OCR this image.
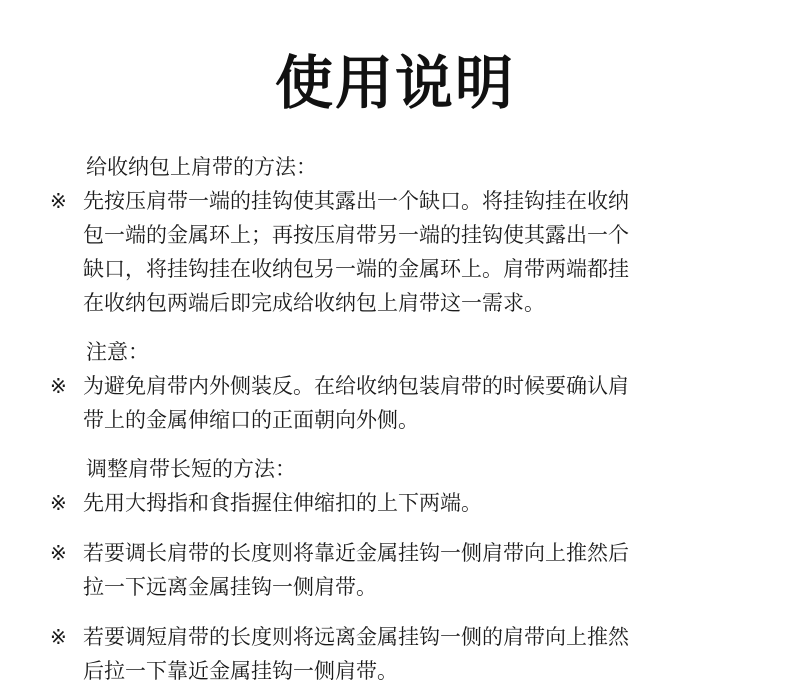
使用说明
给收纳包上肩带的方法：
※ 先按压肩带一端的挂钩使其露出一个缺口。将挂钩挂在收纳
包一端的金属环上；再按压肩带另一端的挂钩使其露出一个
缺口，将挂钩挂在收纳包另一端的金属环上。肩带两端都挂
在收纳包两端后即完成给收纳包上肩带这一需求。
注意：
※ 为避免肩带内外侧装反。在给收纳包装肩带的时候要确认肩
带上的金属伸缩口的正面朝向外侧。
调整肩带长短的方法：
※ 先用大拇指和食指握住伸缩扣的上下两端。
※ 若要调长肩带的长度则将靠近金属挂钩一侧肩带向上推然后
拉一下远离金属挂钩一侧肩带。
※ 若要调短肩带的长度则将远离金属挂钩一侧的肩带向上推然
后拉一下靠近金属挂钩一侧肩带。
